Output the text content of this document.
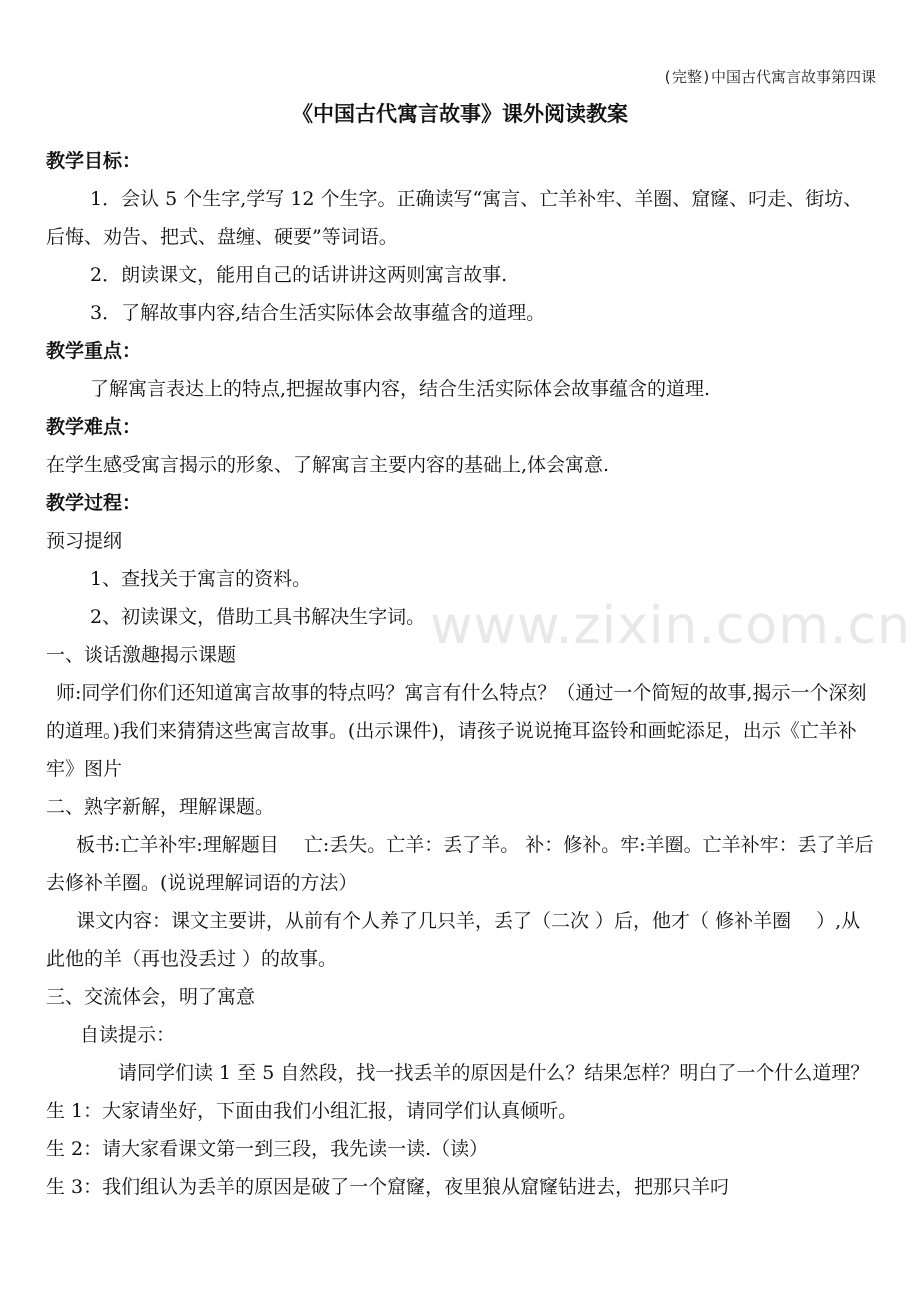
(完整)中国古代寓言故事第四课
《中国古代寓言故事》课外阅读教案
www.zixin.com.cn

教学目标：

1．会认 5 个生字,学写 12 个生字。正确读写“寓言、亡羊补牢、羊圈、窟窿、叼走、街坊、后悔、劝告、把式、盘缠、硬要”等词语。

2．朗读课文，能用自己的话讲讲这两则寓言故事.

3．了解故事内容,结合生活实际体会故事蕴含的道理。

教学重点：

了解寓言表达上的特点,把握故事内容，结合生活实际体会故事蕴含的道理.

教学难点：

在学生感受寓言揭示的形象、了解寓言主要内容的基础上,体会寓意.

教学过程：

预习提纲

1、查找关于寓言的资料。

2、初读课文，借助工具书解决生字词。

一、谈话激趣揭示课题

师:同学们你们还知道寓言故事的特点吗？寓言有什么特点？（通过一个简短的故事,揭示一个深刻的道理。)我们来猜猜这些寓言故事。(出示课件)，请孩子说说掩耳盗铃和画蛇添足，出示《亡羊补牢》图片

二、熟字新解，理解课题。

板书:亡羊补牢:理解题目　 亡:丢失。亡羊：丢了羊。 补：修补。牢:羊圈。亡羊补牢：丢了羊后去修补羊圈。(说说理解词语的方法）

课文内容：课文主要讲，从前有个人养了几只羊，丢了（二次 ）后，他才（ 修补羊圈　 ）,从此他的羊（再也没丢过 ）的故事。

三、交流体会，明了寓意

自读提示：

请同学们读 1 至 5 自然段，找一找丢羊的原因是什么？结果怎样？明白了一个什么道理？

生 1：大家请坐好，下面由我们小组汇报，请同学们认真倾听。

生 2：请大家看课文第一到三段，我先读一读.（读）

生 3：我们组认为丢羊的原因是破了一个窟窿，夜里狼从窟窿钻进去，把那只羊叼
